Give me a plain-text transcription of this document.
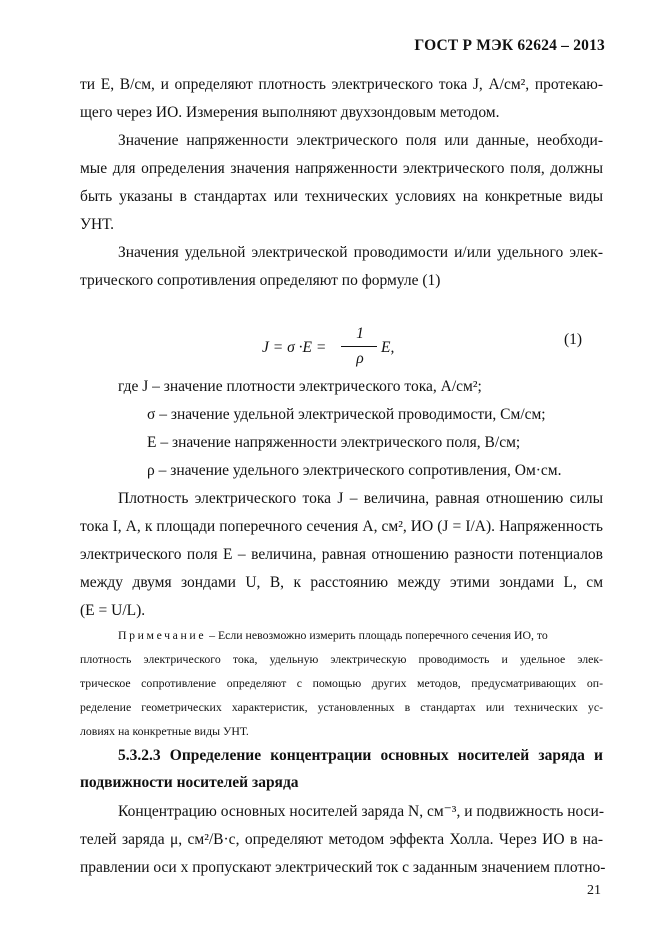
ГОСТ Р МЭК 62624 – 2013
ти E, В/см, и определяют плотность электрического тока J, А/см², протекаю-
щего через ИО. Измерения выполняют двухзондовым методом.
Значение напряженности электрического поля или данные, необходи-
мые для определения значения напряженности электрического поля, должны
быть указаны в стандартах или технических условиях на конкретные виды
УНТ.
Значения удельной электрической проводимости и/или удельного элек-
трического сопротивления определяют по формуле (1)
J = σ ·E =
1
ρ
E,	(1)
где J – значение плотности электрического тока, А/см²;
σ – значение удельной электрической проводимости, См/см;
E – значение напряженности электрического поля, В/см;
ρ – значение удельного электрического сопротивления, Ом·см.
Плотность электрического тока J – величина, равная отношению силы
тока I, А, к площади поперечного сечения A, см², ИО (J = I/A). Напряженность
электрического поля E – величина, равная отношению разности потенциалов
между двумя зондами U, В, к расстоянию между этими зондами L, см
(E = U/L).
Примечание – Если невозможно измерить площадь поперечного сечения ИО, то
плотность электрического тока, удельную электрическую проводимость и удельное элек-
трическое сопротивление определяют с помощью других методов, предусматривающих оп-
ределение геометрических характеристик, установленных в стандартах или технических ус-
ловиях на конкретные виды УНТ.
5.3.2.3 Определение концентрации основных носителей заряда и
подвижности носителей заряда
Концентрацию основных носителей заряда N, см⁻³, и подвижность носи-
телей заряда μ, см²/В·с, определяют методом эффекта Холла. Через ИО в на-
правлении оси x пропускают электрический ток с заданным значением плотно-
21
